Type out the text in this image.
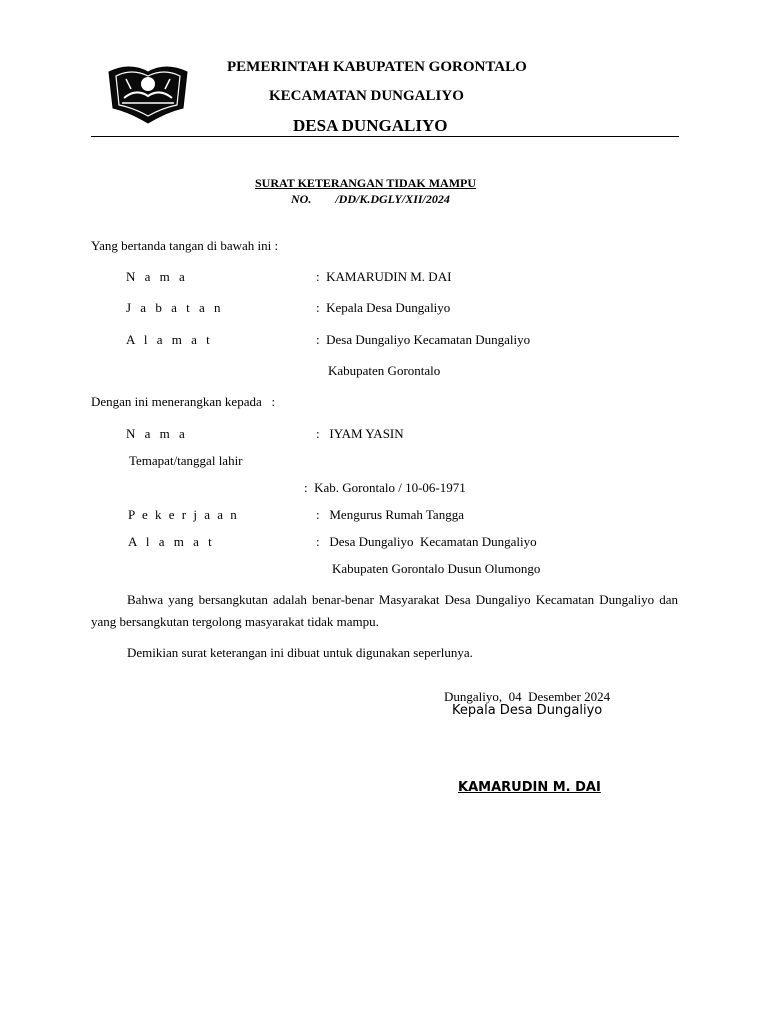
PEMERINTAH KABUPATEN GORONTALO
KECAMATAN DUNGALIYO
DESA DUNGALIYO
SURAT KETERANGAN TIDAK MAMPU
NO.        /DD/K.DGLY/XII/2024
Yang bertanda tangan di bawah ini :
N a m a	:  KAMARUDIN M. DAI
J a b a t a n	:  Kepala Desa Dungaliyo
A l a m a t	:  Desa Dungaliyo Kecamatan Dungaliyo
Kabupaten Gorontalo
Dengan ini menerangkan kepada   :
N a m a	:   IYAM YASIN
Temapat/tanggal lahir
:  Kab. Gorontalo / 10-06-1971
P e k e r j a a n	:   Mengurus Rumah Tangga
A l a m a t	:   Desa Dungaliyo  Kecamatan Dungaliyo
Kabupaten Gorontalo Dusun Olumongo
Bahwa yang bersangkutan adalah benar-benar Masyarakat Desa Dungaliyo Kecamatan Dungaliyo dan yang bersangkutan tergolong masyarakat tidak mampu.
Demikian surat keterangan ini dibuat untuk digunakan seperlunya.
Dungaliyo,  04  Desember 2024
Kepala Desa Dungaliyo
KAMARUDIN M. DAI
